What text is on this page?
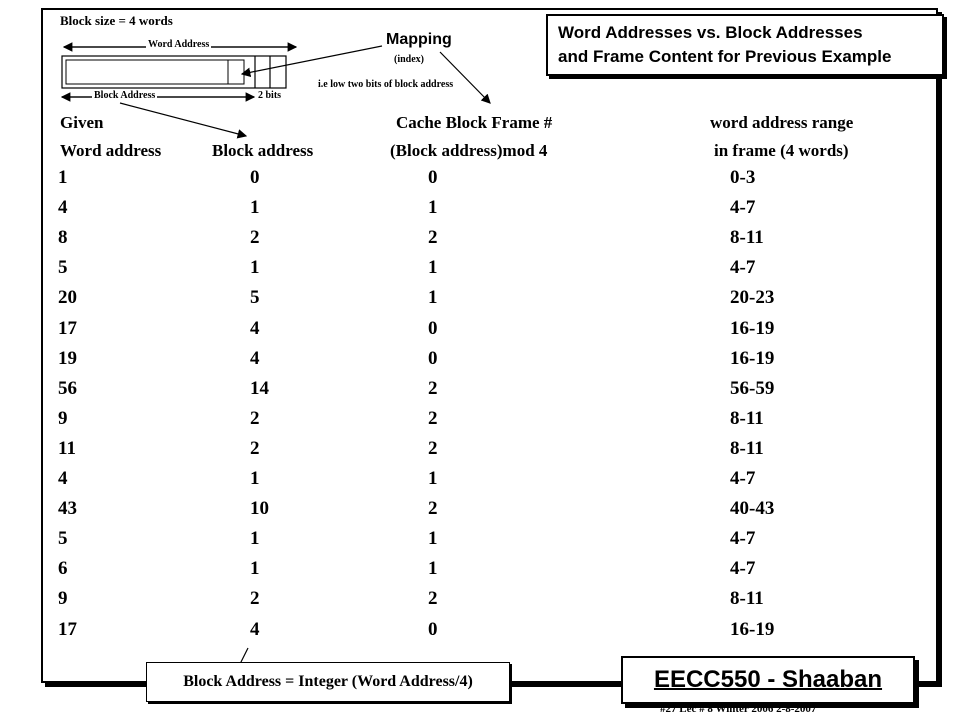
Block size = 4 words
Word Address
Block Address	2 bits
Mapping
(index)
i.e low two bits of block address
Word Addresses vs. Block Addresses
and Frame Content for Previous Example
Given	Cache Block Frame #	word address range
Word address	Block address	(Block address)mod 4	in frame (4 words)
1	0	0	0-3
4	1	1	4-7
8	2	2	8-11
5	1	1	4-7
20	5	1	20-23
17	4	0	16-19
19	4	0	16-19
56	14	2	56-59
9	2	2	8-11
11	2	2	8-11
4	1	1	4-7
43	10	2	40-43
5	1	1	4-7
6	1	1	4-7
9	2	2	8-11
17	4	0	16-19
Block Address = Integer (Word Address/4)	EECC550 - Shaaban
#27 Lec # 8 Winter 2006 2-8-2007
